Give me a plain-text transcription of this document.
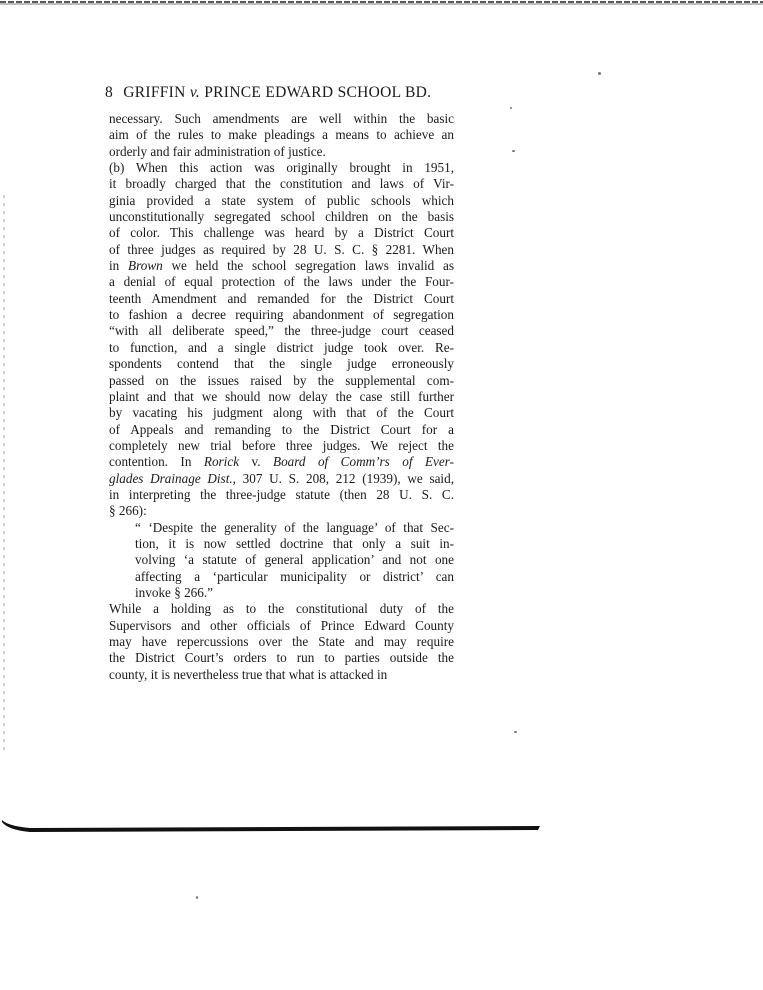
8 GRIFFIN v. PRINCE EDWARD SCHOOL BD.
necessary. Such amendments are well within the basic
aim of the rules to make pleadings a means to achieve an
orderly and fair administration of justice.
(b) When this action was originally brought in 1951,
it broadly charged that the constitution and laws of Vir-
ginia provided a state system of public schools which
unconstitutionally segregated school children on the basis
of color. This challenge was heard by a District Court
of three judges as required by 28 U. S. C. § 2281. When
in Brown we held the school segregation laws invalid as
a denial of equal protection of the laws under the Four-
teenth Amendment and remanded for the District Court
to fashion a decree requiring abandonment of segregation
“with all deliberate speed,” the three-judge court ceased
to function, and a single district judge took over. Re-
spondents contend that the single judge erroneously
passed on the issues raised by the supplemental com-
plaint and that we should now delay the case still further
by vacating his judgment along with that of the Court
of Appeals and remanding to the District Court for a
completely new trial before three judges. We reject the
contention. In Rorick v. Board of Comm’rs of Ever-
glades Drainage Dist., 307 U. S. 208, 212 (1939), we said,
in interpreting the three-judge statute (then 28 U. S. C.
§ 266):
“ ‘Despite the generality of the language’ of that Sec-
tion, it is now settled doctrine that only a suit in-
volving ‘a statute of general application’ and not one
affecting a ‘particular municipality or district’ can
invoke § 266.”
While a holding as to the constitutional duty of the
Supervisors and other officials of Prince Edward County
may have repercussions over the State and may require
the District Court’s orders to run to parties outside the
county, it is nevertheless true that what is attacked in
